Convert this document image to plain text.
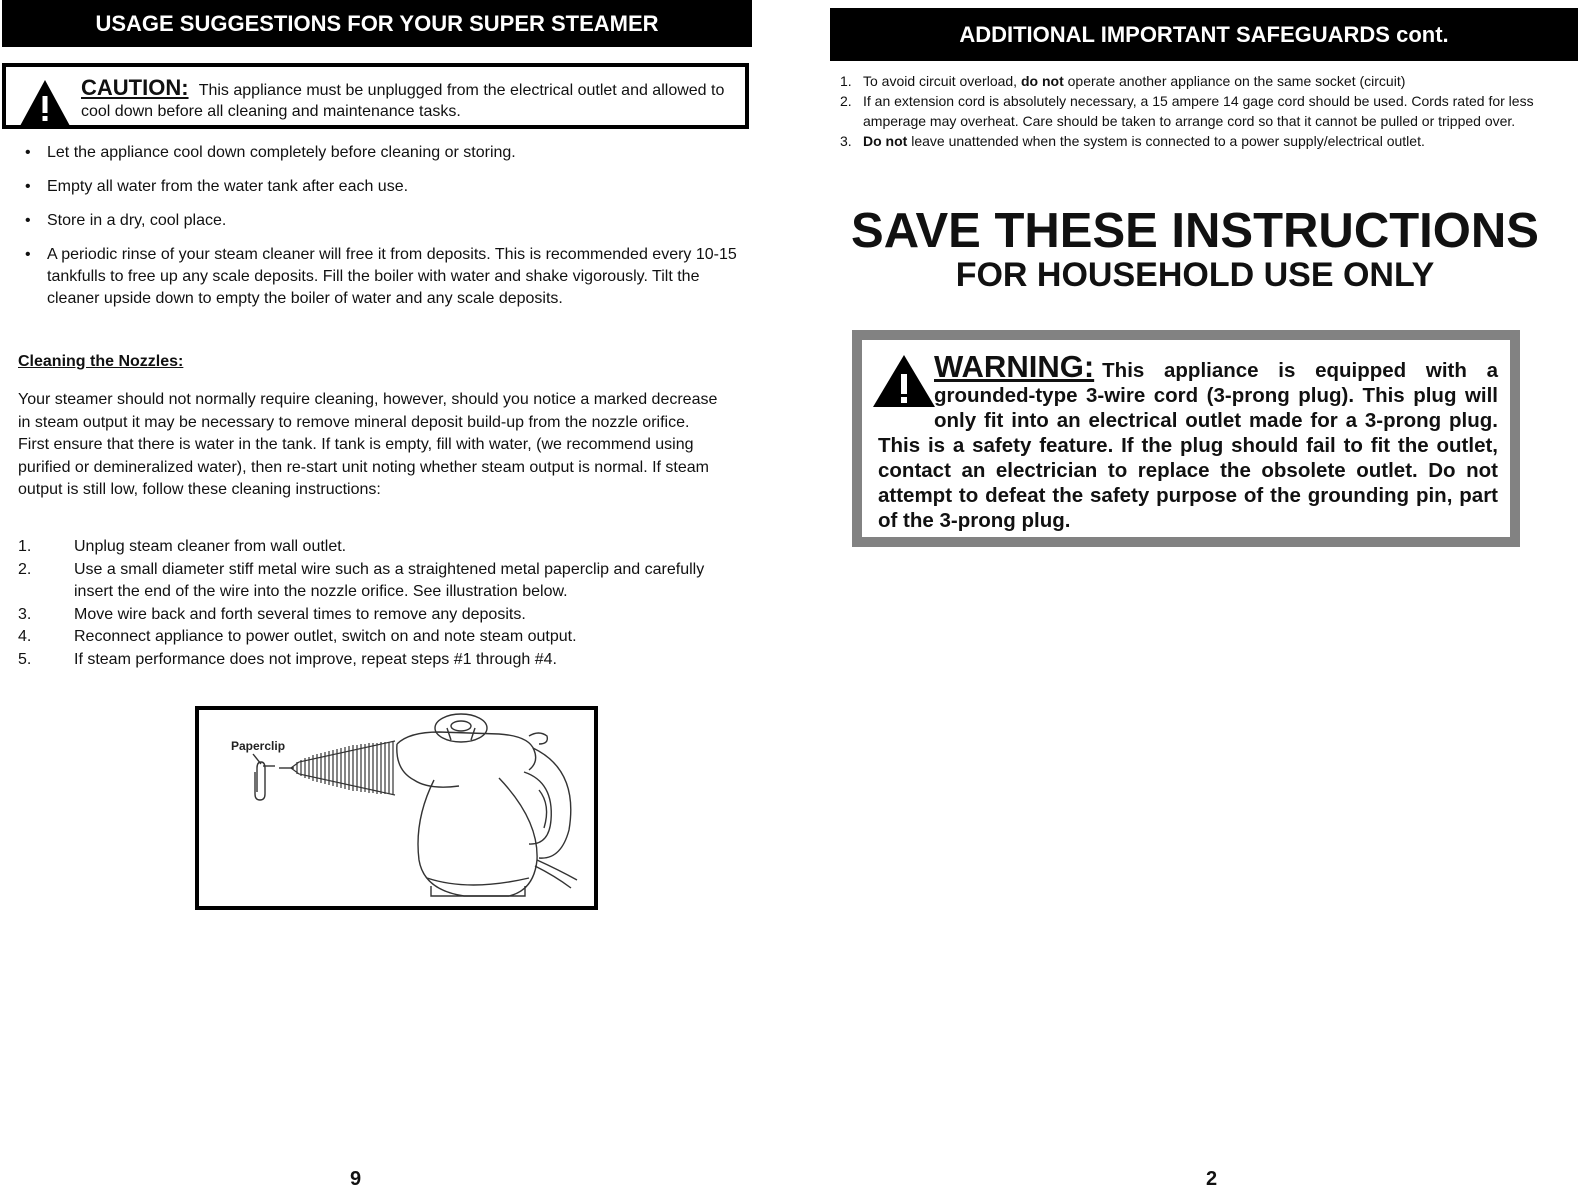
USAGE SUGGESTIONS FOR YOUR SUPER STEAMER
CAUTION: This appliance must be unplugged from the electrical outlet and allowed to cool down before all cleaning and maintenance tasks.
• Let the appliance cool down completely before cleaning or storing.
• Empty all water from the water tank after each use.
• Store in a dry, cool place.
• A periodic rinse of your steam cleaner will free it from deposits. This is recommended every 10-15 tankfulls to free up any scale deposits. Fill the boiler with water and shake vigorously. Tilt the cleaner upside down to empty the boiler of water and any scale deposits.
Cleaning the Nozzles:

Your steamer should not normally require cleaning, however, should you notice a marked decrease in steam output it may be necessary to remove mineral deposit build-up from the nozzle orifice. First ensure that there is water in the tank. If tank is empty, fill with water, (we recommend using purified or demineralized water), then re-start unit noting whether steam output is normal. If steam output is still low, follow these cleaning instructions:

1.	Unplug steam cleaner from wall outlet.
2.	Use a small diameter stiff metal wire such as a straightened metal paperclip and carefully insert the end of the wire into the nozzle orifice. See illustration below.
3.	Move wire back and forth several times to remove any deposits.
4.	Reconnect appliance to power outlet, switch on and note steam output.
5.	If steam performance does not improve, repeat steps #1 through #4.
Paperclip
9
ADDITIONAL IMPORTANT SAFEGUARDS cont.
1. To avoid circuit overload, do not operate another appliance on the same socket (circuit)
2. If an extension cord is absolutely necessary, a 15 ampere 14 gage cord should be used. Cords rated for less amperage may overheat. Care should be taken to arrange cord so that it cannot be pulled or tripped over.
3. Do not leave unattended when the system is connected to a power supply/electrical outlet.
SAVE THESE INSTRUCTIONS
FOR HOUSEHOLD USE ONLY

WARNING: This appliance is equipped with a grounded-type 3-wire cord (3-prong plug). This plug will only fit into an electrical outlet made for a 3-prong plug. This is a safety feature. If the plug should fail to fit the outlet, contact an electrician to replace the obsolete outlet. Do not attempt to defeat the safety purpose of the grounding pin, part of the 3-prong plug.

2
